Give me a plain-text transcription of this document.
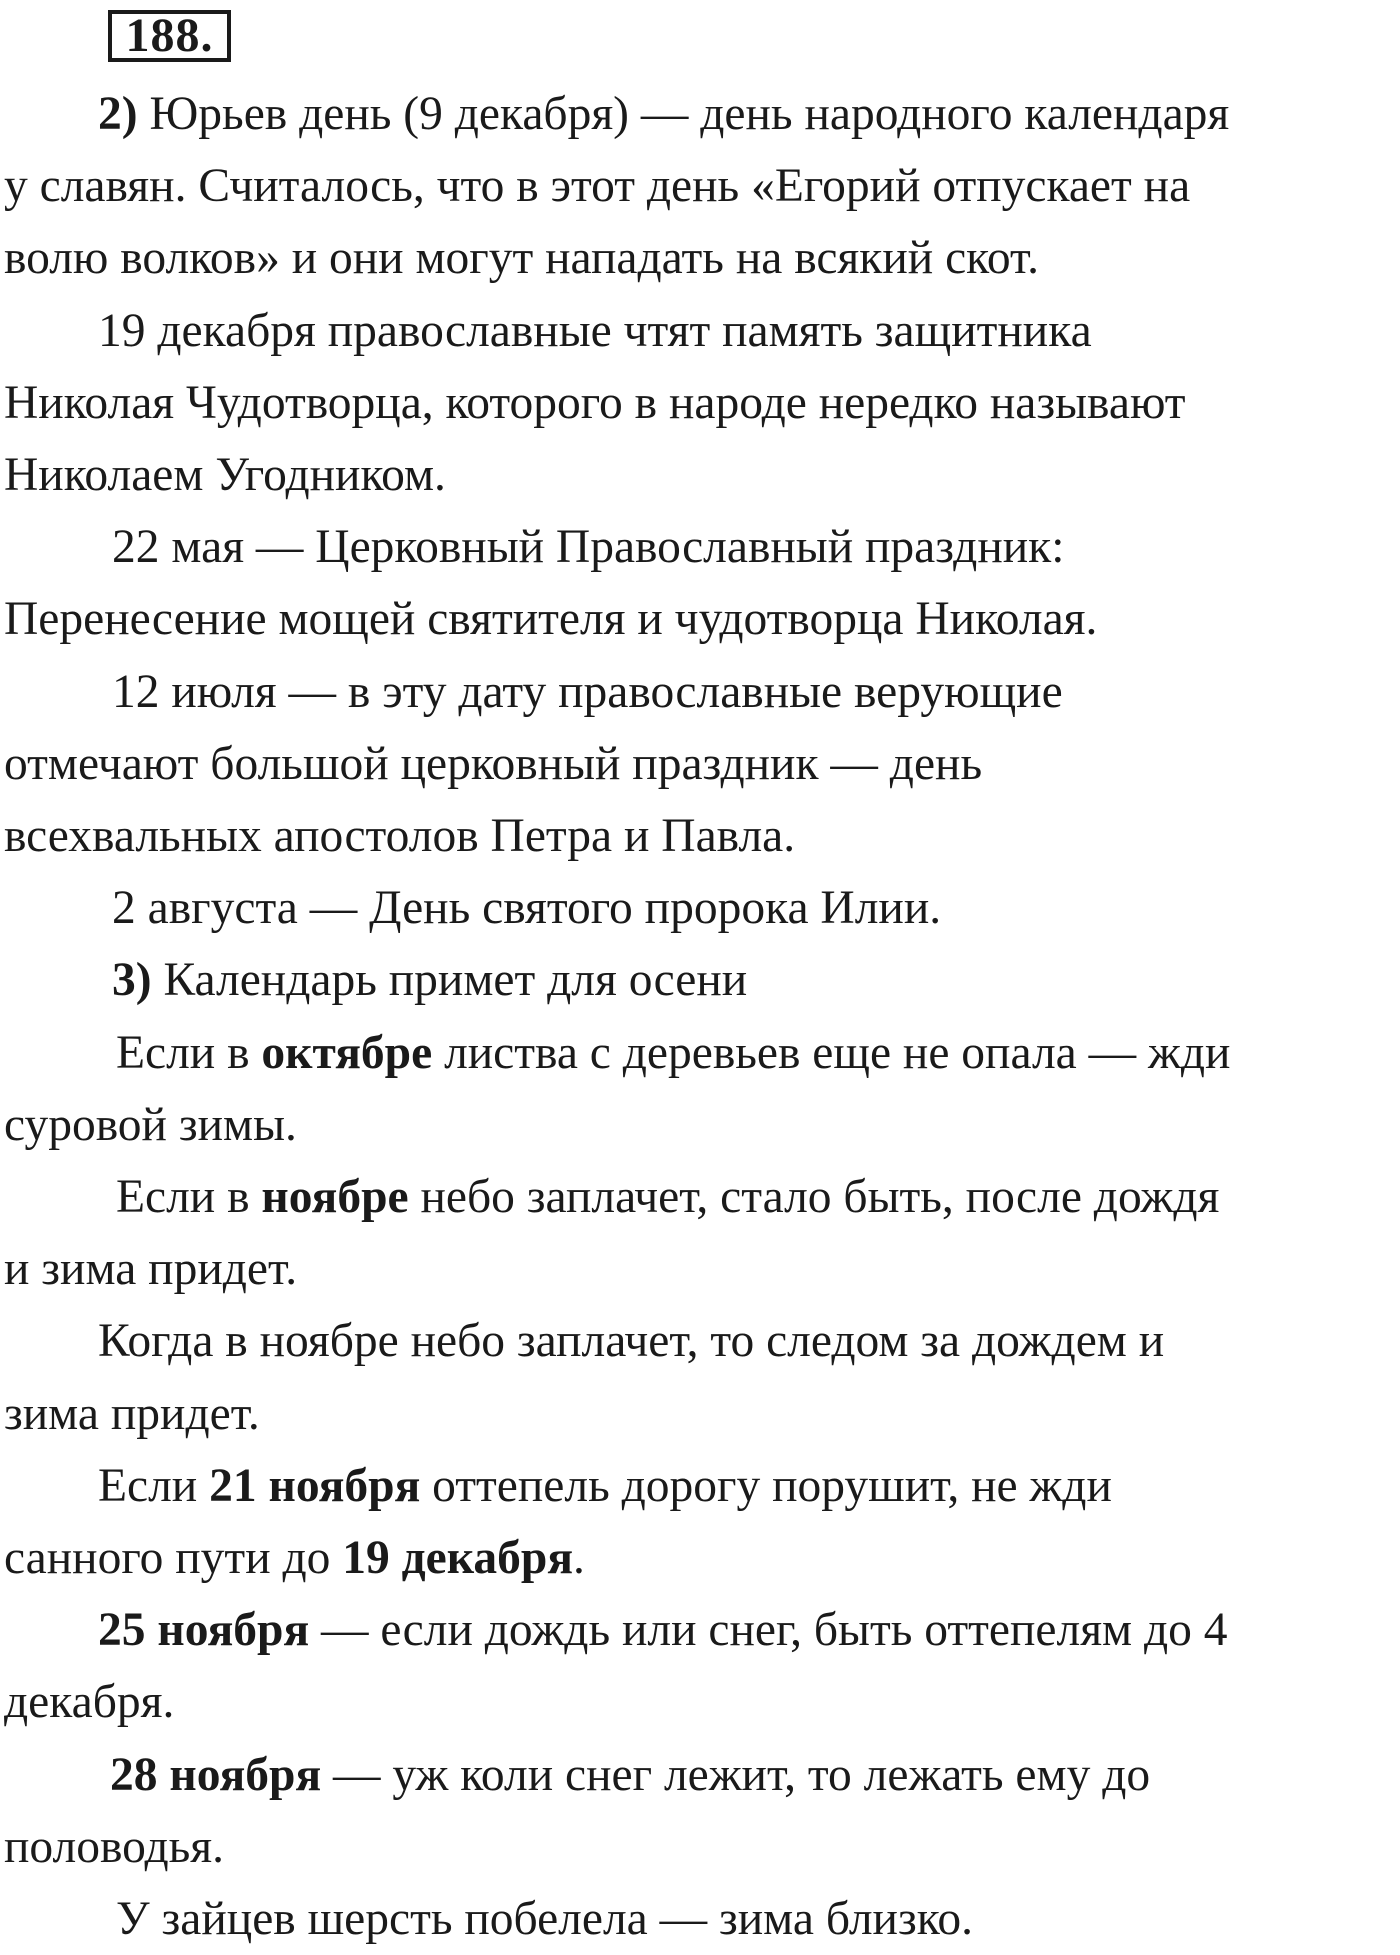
188.

2) Юрьев день (9 декабря) — день народного календаря

у славян. Считалось, что в этот день «Егорий отпускает на

волю волков» и они могут нападать на всякий скот.

19 декабря православные чтят память защитника

Николая Чудотворца, которого в народе нередко называют

Николаем Угодником.

22 мая — Церковный Православный праздник:

Перенесение мощей святителя и чудотворца Николая.

12 июля — в эту дату православные верующие

отмечают большой церковный праздник — день

всехвальных апостолов Петра и Павла.

2 августа — День святого пророка Илии.

3) Календарь примет для осени

Если в октябре листва с деревьев еще не опала — жди

суровой зимы.

Если в ноябре небо заплачет, стало быть, после дождя

и зима придет.

Когда в ноябре небо заплачет, то следом за дождем и

зима придет.

Если 21 ноября оттепель дорогу порушит, не жди

санного пути до 19 декабря.

25 ноября — если дождь или снег, быть оттепелям до 4

декабря.

28 ноября — уж коли снег лежит, то лежать ему до

половодья.

У зайцев шерсть побелела — зима близко.
